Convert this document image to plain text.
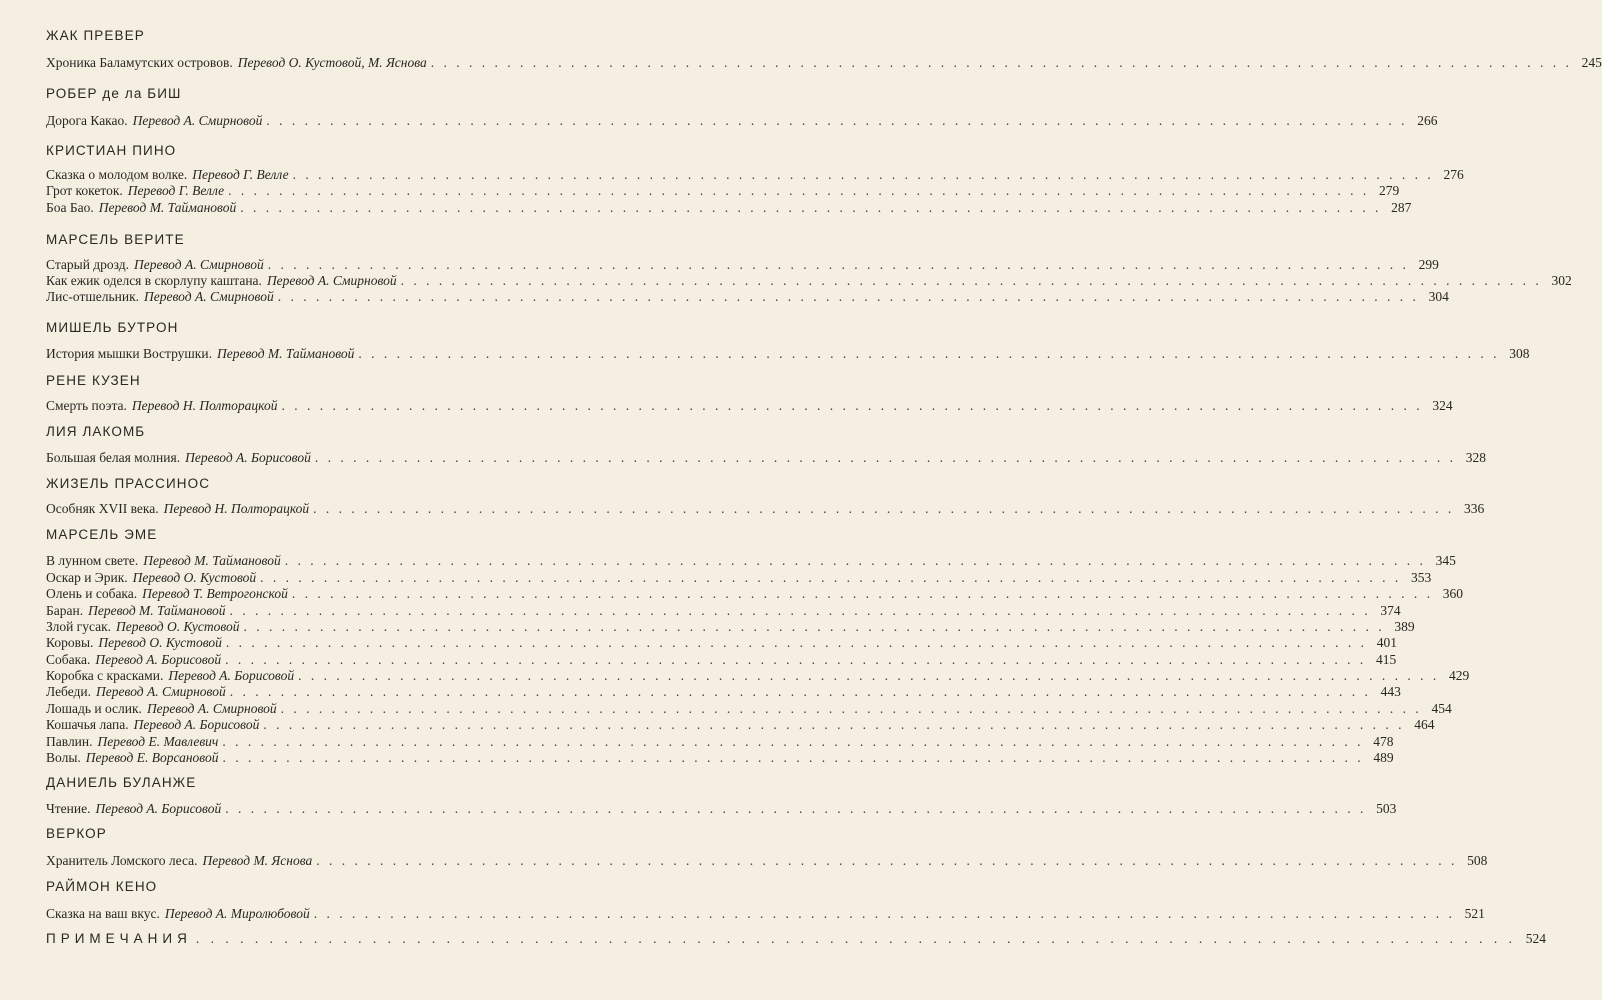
ЖАК ПРЕВЕР
Хроника Баламутских островов. Перевод О. Кустовой, М. Яснова . . . . . . . . . . . . . . . . . . . . . . . . . . . . . . . . . . . . . . . . . . . . . . . . . . . . . . . . . . . . . . . . . . . . . . . . . . . . . . . . . . . . . . . . . . 245
РОБЕР де ла БИШ
Дорога Какао. Перевод А. Смирновой . . . . . . . . . . . . . . . . . . . . . . . . . . . . . . . . . . . . . . . . . . . . . . . . . . . . . . . . . . . . . . . . . . . . . . . . . . . . . . . . . . . . . . . . . . 266
КРИСТИАН ПИНО
Сказка о молодом волке. Перевод Г. Велле . . . . . . . . . . . . . . . . . . . . . . . . . . . . . . . . . . . . . . . . . . . . . . . . . . . . . . . . . . . . . . . . . . . . . . . . . . . . . . . . . . . . . . . . . . 276
Грот кокеток. Перевод Г. Велле . . . . . . . . . . . . . . . . . . . . . . . . . . . . . . . . . . . . . . . . . . . . . . . . . . . . . . . . . . . . . . . . . . . . . . . . . . . . . . . . . . . . . . . . . . 279
Боа Бао. Перевод М. Таймановой . . . . . . . . . . . . . . . . . . . . . . . . . . . . . . . . . . . . . . . . . . . . . . . . . . . . . . . . . . . . . . . . . . . . . . . . . . . . . . . . . . . . . . . . . . 287
МАРСЕЛЬ ВЕРИТЕ
Старый дрозд. Перевод А. Смирновой . . . . . . . . . . . . . . . . . . . . . . . . . . . . . . . . . . . . . . . . . . . . . . . . . . . . . . . . . . . . . . . . . . . . . . . . . . . . . . . . . . . . . . . . . . 299
Как ежик оделся в скорлупу каштана. Перевод А. Смирновой . . . . . . . . . . . . . . . . . . . . . . . . . . . . . . . . . . . . . . . . . . . . . . . . . . . . . . . . . . . . . . . . . . . . . . . . . . . . . . . . . . . . . . . . . . 302
Лис-отшельник. Перевод А. Смирновой . . . . . . . . . . . . . . . . . . . . . . . . . . . . . . . . . . . . . . . . . . . . . . . . . . . . . . . . . . . . . . . . . . . . . . . . . . . . . . . . . . . . . . . . . . 304
МИШЕЛЬ БУТРОН
История мышки Вострушки. Перевод М. Таймановой . . . . . . . . . . . . . . . . . . . . . . . . . . . . . . . . . . . . . . . . . . . . . . . . . . . . . . . . . . . . . . . . . . . . . . . . . . . . . . . . . . . . . . . . . . 308
РЕНЕ КУЗЕН
Смерть поэта. Перевод Н. Полторацкой . . . . . . . . . . . . . . . . . . . . . . . . . . . . . . . . . . . . . . . . . . . . . . . . . . . . . . . . . . . . . . . . . . . . . . . . . . . . . . . . . . . . . . . . . . 324
ЛИЯ ЛАКОМБ
Большая белая молния. Перевод А. Борисовой . . . . . . . . . . . . . . . . . . . . . . . . . . . . . . . . . . . . . . . . . . . . . . . . . . . . . . . . . . . . . . . . . . . . . . . . . . . . . . . . . . . . . . . . . . 328
ЖИЗЕЛЬ ПРАССИНОС
Особняк XVII века. Перевод Н. Полторацкой . . . . . . . . . . . . . . . . . . . . . . . . . . . . . . . . . . . . . . . . . . . . . . . . . . . . . . . . . . . . . . . . . . . . . . . . . . . . . . . . . . . . . . . . . . 336
МАРСЕЛЬ ЭМЕ
В лунном свете. Перевод М. Таймановой . . . . . . . . . . . . . . . . . . . . . . . . . . . . . . . . . . . . . . . . . . . . . . . . . . . . . . . . . . . . . . . . . . . . . . . . . . . . . . . . . . . . . . . . . . 345
Оскар и Эрик. Перевод О. Кустовой . . . . . . . . . . . . . . . . . . . . . . . . . . . . . . . . . . . . . . . . . . . . . . . . . . . . . . . . . . . . . . . . . . . . . . . . . . . . . . . . . . . . . . . . . . 353
Олень и собака. Перевод Т. Ветрогонской . . . . . . . . . . . . . . . . . . . . . . . . . . . . . . . . . . . . . . . . . . . . . . . . . . . . . . . . . . . . . . . . . . . . . . . . . . . . . . . . . . . . . . . . . . 360
Баран. Перевод М. Таймановой . . . . . . . . . . . . . . . . . . . . . . . . . . . . . . . . . . . . . . . . . . . . . . . . . . . . . . . . . . . . . . . . . . . . . . . . . . . . . . . . . . . . . . . . . . 374
Злой гусак. Перевод О. Кустовой . . . . . . . . . . . . . . . . . . . . . . . . . . . . . . . . . . . . . . . . . . . . . . . . . . . . . . . . . . . . . . . . . . . . . . . . . . . . . . . . . . . . . . . . . . 389
Коровы. Перевод О. Кустовой . . . . . . . . . . . . . . . . . . . . . . . . . . . . . . . . . . . . . . . . . . . . . . . . . . . . . . . . . . . . . . . . . . . . . . . . . . . . . . . . . . . . . . . . . . 401
Собака. Перевод А. Борисовой . . . . . . . . . . . . . . . . . . . . . . . . . . . . . . . . . . . . . . . . . . . . . . . . . . . . . . . . . . . . . . . . . . . . . . . . . . . . . . . . . . . . . . . . . . 415
Коробка с красками. Перевод А. Борисовой . . . . . . . . . . . . . . . . . . . . . . . . . . . . . . . . . . . . . . . . . . . . . . . . . . . . . . . . . . . . . . . . . . . . . . . . . . . . . . . . . . . . . . . . . . 429
Лебеди. Перевод А. Смирновой . . . . . . . . . . . . . . . . . . . . . . . . . . . . . . . . . . . . . . . . . . . . . . . . . . . . . . . . . . . . . . . . . . . . . . . . . . . . . . . . . . . . . . . . . . 443
Лошадь и ослик. Перевод А. Смирновой . . . . . . . . . . . . . . . . . . . . . . . . . . . . . . . . . . . . . . . . . . . . . . . . . . . . . . . . . . . . . . . . . . . . . . . . . . . . . . . . . . . . . . . . . . 454
Кошачья лапа. Перевод А. Борисовой . . . . . . . . . . . . . . . . . . . . . . . . . . . . . . . . . . . . . . . . . . . . . . . . . . . . . . . . . . . . . . . . . . . . . . . . . . . . . . . . . . . . . . . . . . 464
Павлин. Перевод Е. Мавлевич . . . . . . . . . . . . . . . . . . . . . . . . . . . . . . . . . . . . . . . . . . . . . . . . . . . . . . . . . . . . . . . . . . . . . . . . . . . . . . . . . . . . . . . . . . 478
Волы. Перевод Е. Ворсановой . . . . . . . . . . . . . . . . . . . . . . . . . . . . . . . . . . . . . . . . . . . . . . . . . . . . . . . . . . . . . . . . . . . . . . . . . . . . . . . . . . . . . . . . . . 489
ДАНИЕЛЬ БУЛАНЖЕ
Чтение. Перевод А. Борисовой . . . . . . . . . . . . . . . . . . . . . . . . . . . . . . . . . . . . . . . . . . . . . . . . . . . . . . . . . . . . . . . . . . . . . . . . . . . . . . . . . . . . . . . . . . 503
ВЕРКОР
Хранитель Ломского леса. Перевод М. Яснова . . . . . . . . . . . . . . . . . . . . . . . . . . . . . . . . . . . . . . . . . . . . . . . . . . . . . . . . . . . . . . . . . . . . . . . . . . . . . . . . . . . . . . . . . . 508
РАЙМОН КЕНО
Сказка на ваш вкус. Перевод А. Миролюбовой . . . . . . . . . . . . . . . . . . . . . . . . . . . . . . . . . . . . . . . . . . . . . . . . . . . . . . . . . . . . . . . . . . . . . . . . . . . . . . . . . . . . . . . . . . 521
ПРИМЕЧАНИЯ . . . . . . . . . . . . . . . . . . . . . . . . . . . . . . . . . . . . . . . . . . . . . . . . . . . . . . . . . . . . . . . . . . . . . . . . . . . . . . . . . . . . . . . . . . 524
